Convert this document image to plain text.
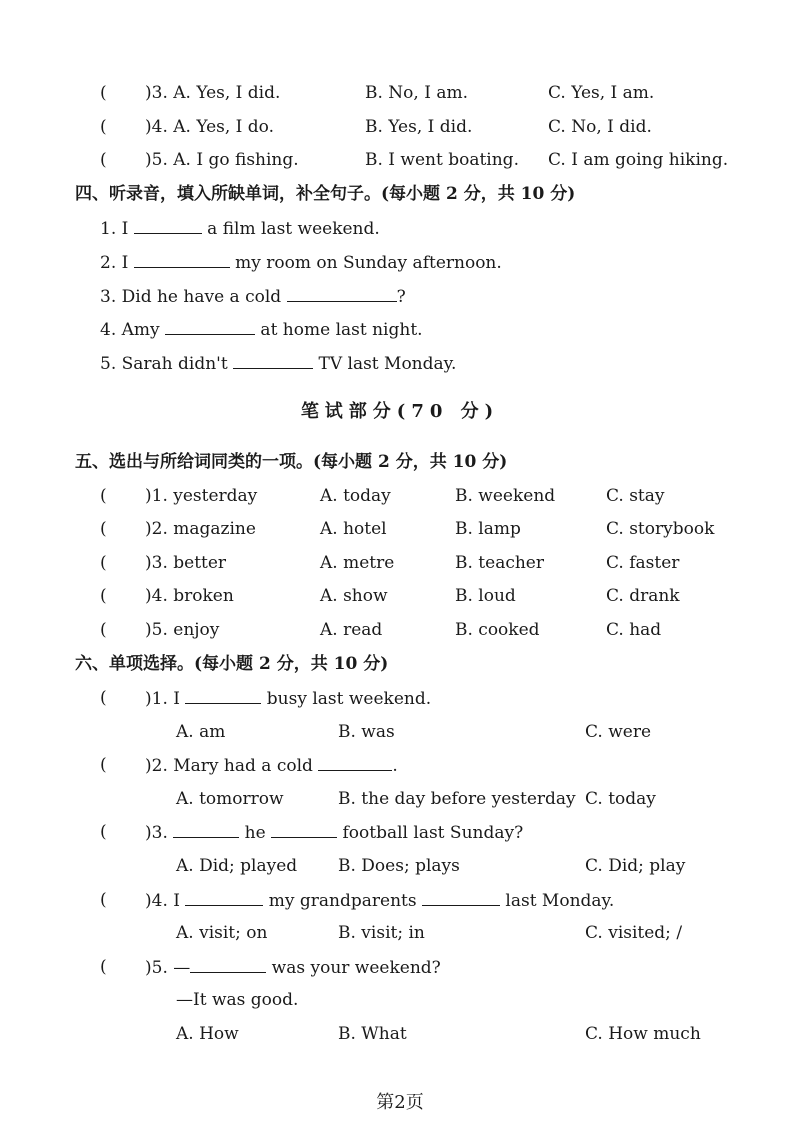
( )3. A. Yes, I did.	B. No, I am.	C. Yes, I am.
( )4. A. Yes, I do.	B. Yes, I did.	C. No, I did.
( )5. A. I go fishing.	B. I went boating. C. I am going hiking.
四、听录音，填入所缺单词，补全句子。(每小题 2 分，共 10 分)
1. I	a film last weekend.
2. I	my room on Sunday afternoon.
3. Did he have a cold	?
4. Amy	at home last night.
5. Sarah didn't	TV last Monday.
笔试部分(70 分)
五、选出与所给词同类的一项。(每小题 2 分，共 10 分)
( )1. yesterday	A. today	B. weekend	C. stay
( )2. magazine	A. hotel	B. lamp	C. storybook
( )3. better	A. metre	B. teacher	C. faster
( )4. broken	A. show	B. loud	C. drank
( )5. enjoy	A. read	B. cooked	C. had
六、单项选择。(每小题 2 分，共 10 分)
( )1. I	busy last weekend.
A. am	B. was	C. were
( )2. Mary had a cold	.
A. tomorrow	B. the day before yesterday C. today
( )3.	he	football last Sunday?
A. Did; played B. Does; plays	C. Did; play
( )4. I	my grandparents	last Monday.
A. visit; on	B. visit; in	C. visited; /
( )5. —	was your weekend?
—It was good.
A. How	B. What	C. How much
第2页
